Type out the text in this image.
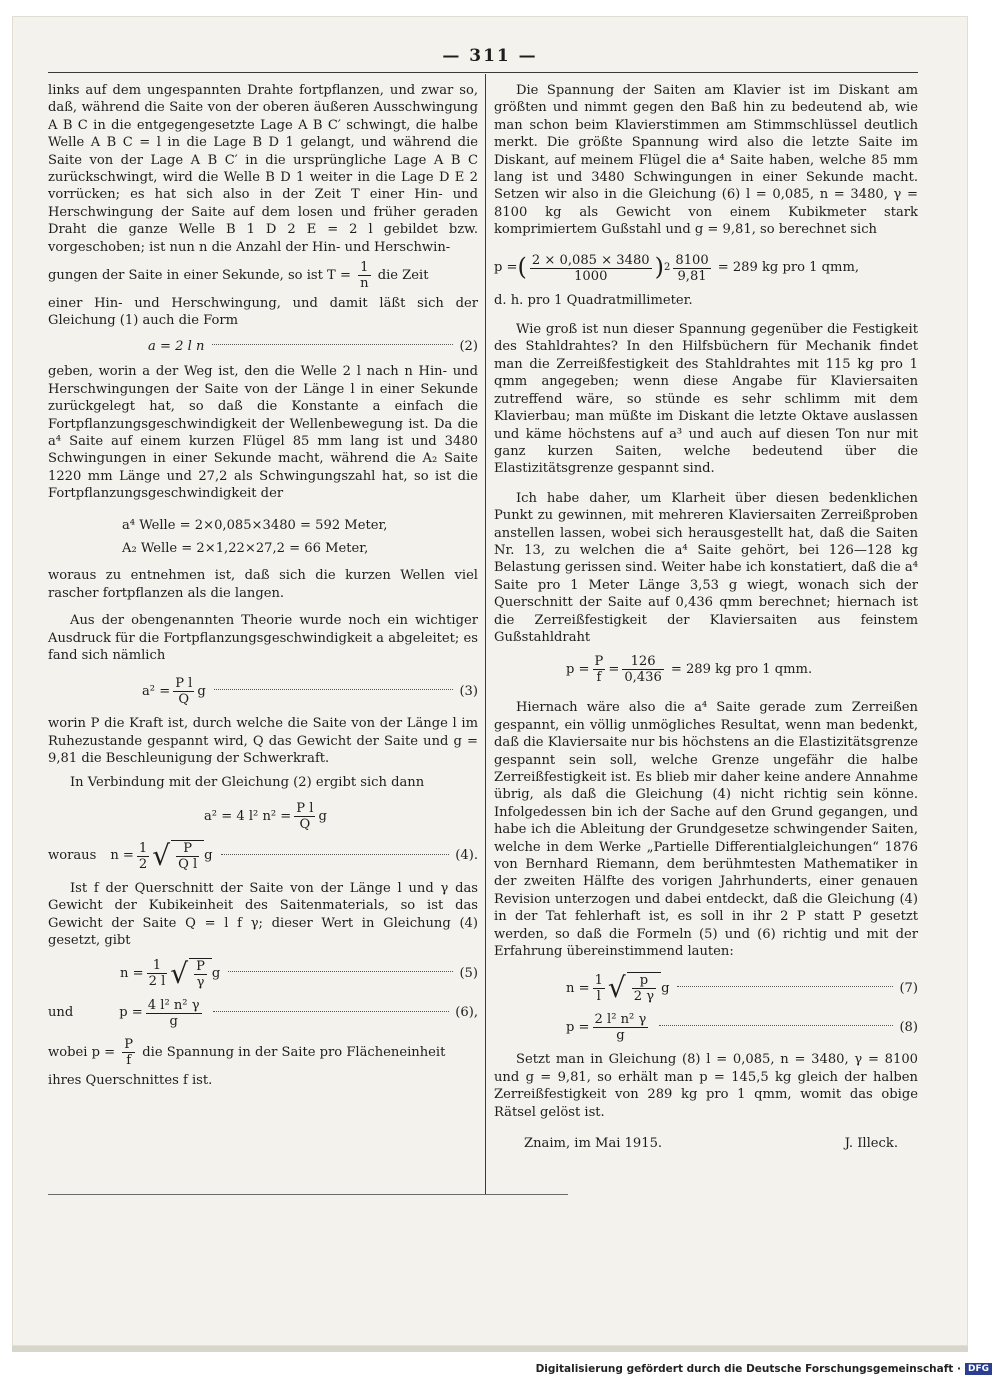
— 311 —

links auf dem ungespannten Drahte fortpflanzen, und zwar so, daß, während die Saite von der oberen äußeren Ausschwingung A B C in die entgegengesetzte Lage A B C′ schwingt, die halbe Welle A B C = l in die Lage B D 1 gelangt, und während die Saite von der Lage A B C′ in die ursprüngliche Lage A B C zurückschwingt, wird die Welle B D 1 weiter in die Lage D E 2 vorrücken; es hat sich also in der Zeit T einer Hin- und Herschwingung der Saite auf dem losen und früher geraden Draht die ganze Welle B 1 D 2 E = 2 l gebildet bzw. vorgeschoben; ist nun n die Anzahl der Hin- und Herschwin-

gungen der Saite in einer Sekunde, so ist $T = \frac{1}{n}$ die Zeit

einer Hin- und Herschwingung, und damit läßt sich der Gleichung (1) auch die Form

a = 2 l n	(2)

geben, worin a der Weg ist, den die Welle 2 l nach n Hin- und Herschwingungen der Saite von der Länge l in einer Sekunde zurückgelegt hat, so daß die Konstante a einfach die Fortpflanzungsgeschwindigkeit der Wellenbewegung ist. Da die a⁴ Saite auf einem kurzen Flügel 85 mm lang ist und 3480 Schwingungen in einer Sekunde macht, während die A₂ Saite 1220 mm Länge und 27,2 als Schwingungszahl hat, so ist die Fortpflanzungsgeschwindigkeit der

a⁴ Welle = 2×0,085×3480 = 592 Meter,
A₂ Welle = 2×1,22×27,2 = 66 Meter,

woraus zu entnehmen ist, daß sich die kurzen Wellen viel rascher fortpflanzen als die langen.

Aus der obengenannten Theorie wurde noch ein wichtiger Ausdruck für die Fortpflanzungsgeschwindigkeit a abgeleitet; es fand sich nämlich

$a^2 = \frac{\text{P l}}{Q}$ g	(3)

worin P die Kraft ist, durch welche die Saite von der Länge l im Ruhezustande gespannt wird, Q das Gewicht der Saite und g = 9,81 die Beschleunigung der Schwerkraft.

In Verbindung mit der Gleichung (2) ergibt sich dann

a² = 4 l² $n^2 = \frac{\text{P l}}{Q}$ g
woraus $n = \frac{1}{2}$ √ $\frac{P}{\text{Q l}}$ g	(4).

Ist f der Querschnitt der Saite von der Länge l und γ das Gewicht der Kubikeinheit des Saitenmaterials, so ist das Gewicht der Saite Q = l f γ; dieser Wert in Gleichung (4) gesetzt, gibt

$n = \frac{1}{2 l}$ √ $\frac{P}{\gamma}$ g	(5)
und	$p = \frac{\text{4 l² n² γ}}{g}$	(6),

wobei $p = \frac{P}{f}$ die Spannung in der Saite pro Flächeneinheit

ihres Querschnittes f ist.

Die Spannung der Saiten am Klavier ist im Diskant am größten und nimmt gegen den Baß hin zu bedeutend ab, wie man schon beim Klavierstimmen am Stimmschlüssel deutlich merkt. Die größte Spannung wird also die letzte Saite im Diskant, auf meinem Flügel die a⁴ Saite haben, welche 85 mm lang ist und 3480 Schwingungen in einer Sekunde macht. Setzen wir also in die Gleichung (6) l = 0,085, n = 3480, γ = 8100 kg als Gewicht von einem Kubikmeter stark komprimiertem Gußstahl und g = 9,81, so berechnet sich

p = ( $\frac{2 \times 0,085 \times 3480}{1000}$ ) $2 \frac{8100}{9,81} = 289$ kg pro 1 qmm,

d. h. pro 1 Quadratmillimeter.

Wie groß ist nun dieser Spannung gegenüber die Festigkeit des Stahldrahtes? In den Hilfsbüchern für Mechanik findet man die Zerreißfestigkeit des Stahldrahtes mit 115 kg pro 1 qmm angegeben; wenn diese Angabe für Klaviersaiten zutreffend wäre, so stünde es sehr schlimm mit dem Klavierbau; man müßte im Diskant die letzte Oktave auslassen und käme höchstens auf a³ und auch auf diesen Ton nur mit ganz kurzen Saiten, welche bedeutend über die Elastizitätsgrenze gespannt sind.

Ich habe daher, um Klarheit über diesen bedenklichen Punkt zu gewinnen, mit mehreren Klaviersaiten Zerreißproben anstellen lassen, wobei sich herausgestellt hat, daß die Saiten Nr. 13, zu welchen die a⁴ Saite gehört, bei 126—128 kg Belastung gerissen sind. Weiter habe ich konstatiert, daß die a⁴ Saite pro 1 Meter Länge 3,53 g wiegt, wonach sich der Querschnitt der Saite auf 0,436 qmm berechnet; hiernach ist die Zerreißfestigkeit der Klaviersaiten aus feinstem Gußstahldraht

$p = \frac{P}{f} = \frac{126}{0,436} = 289$ kg pro 1 qmm.

Hiernach wäre also die a⁴ Saite gerade zum Zerreißen gespannt, ein völlig unmögliches Resultat, wenn man bedenkt, daß die Klaviersaite nur bis höchstens an die Elastizitätsgrenze gespannt sein soll, welche Grenze ungefähr die halbe Zerreißfestigkeit ist. Es blieb mir daher keine andere Annahme übrig, als daß die Gleichung (4) nicht richtig sein könne. Infolgedessen bin ich der Sache auf den Grund gegangen, und habe ich die Ableitung der Grundgesetze schwingender Saiten, welche in dem Werke „Partielle Differentialgleichungen“ 1876 von Bernhard Riemann, dem berühmtesten Mathematiker in der zweiten Hälfte des vorigen Jahrhunderts, einer genauen Revision unterzogen und dabei entdeckt, daß die Gleichung (4) in der Tat fehlerhaft ist, es soll in ihr 2 P statt P gesetzt werden, so daß die Formeln (5) und (6) richtig und mit der Erfahrung übereinstimmend lauten:

$n = \frac{1}{l}$ √ $\frac{p}{2 \gamma}$ g	(7)
$p = \frac{\text{2 l² n² γ}}{g}$	(8)

Setzt man in Gleichung (8) l = 0,085, n = 3480, γ = 8100 und g = 9,81, so erhält man p = 145,5 kg gleich der halben Zerreißfestigkeit von 289 kg pro 1 qmm, womit das obige Rätsel gelöst ist.

Znaim, im Mai 1915.	J. Illeck.
Digitalisierung gefördert durch die Deutsche Forschungsgemeinschaft · DFG
